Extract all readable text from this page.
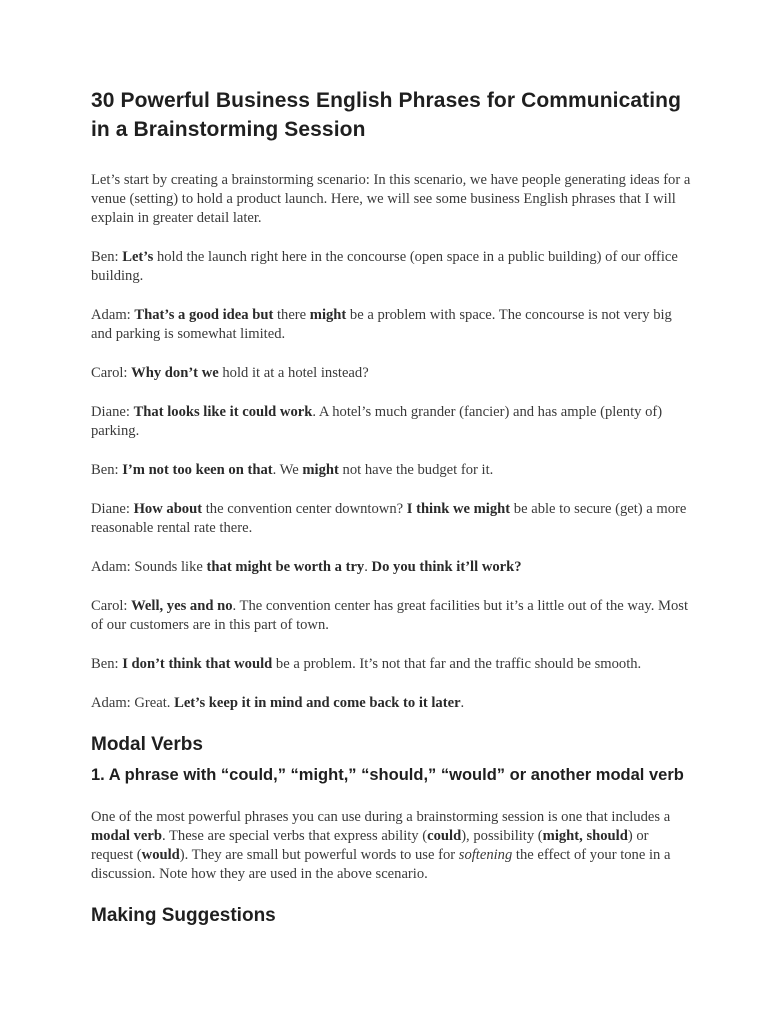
30 Powerful Business English Phrases for Communicating in a Brainstorming Session

Let’s start by creating a brainstorming scenario: In this scenario, we have people generating ideas for a venue (setting) to hold a product launch. Here, we will see some business English phrases that I will explain in greater detail later.

Ben: Let’s hold the launch right here in the concourse (open space in a public building) of our office building.

Adam: That’s a good idea but there might be a problem with space. The concourse is not very big and parking is somewhat limited.

Carol: Why don’t we hold it at a hotel instead?

Diane: That looks like it could work. A hotel’s much grander (fancier) and has ample (plenty of) parking.

Ben: I’m not too keen on that. We might not have the budget for it.

Diane: How about the convention center downtown? I think we might be able to secure (get) a more reasonable rental rate there.

Adam: Sounds like that might be worth a try. Do you think it’ll work?

Carol: Well, yes and no. The convention center has great facilities but it’s a little out of the way. Most of our customers are in this part of town.

Ben: I don’t think that would be a problem. It’s not that far and the traffic should be smooth.

Adam: Great. Let’s keep it in mind and come back to it later.

Modal Verbs
1. A phrase with “could,” “might,” “should,” “would” or another modal verb

One of the most powerful phrases you can use during a brainstorming session is one that includes a modal verb. These are special verbs that express ability (could), possibility (might, should) or request (would). They are small but powerful words to use for softening the effect of your tone in a discussion. Note how they are used in the above scenario.

Making Suggestions
